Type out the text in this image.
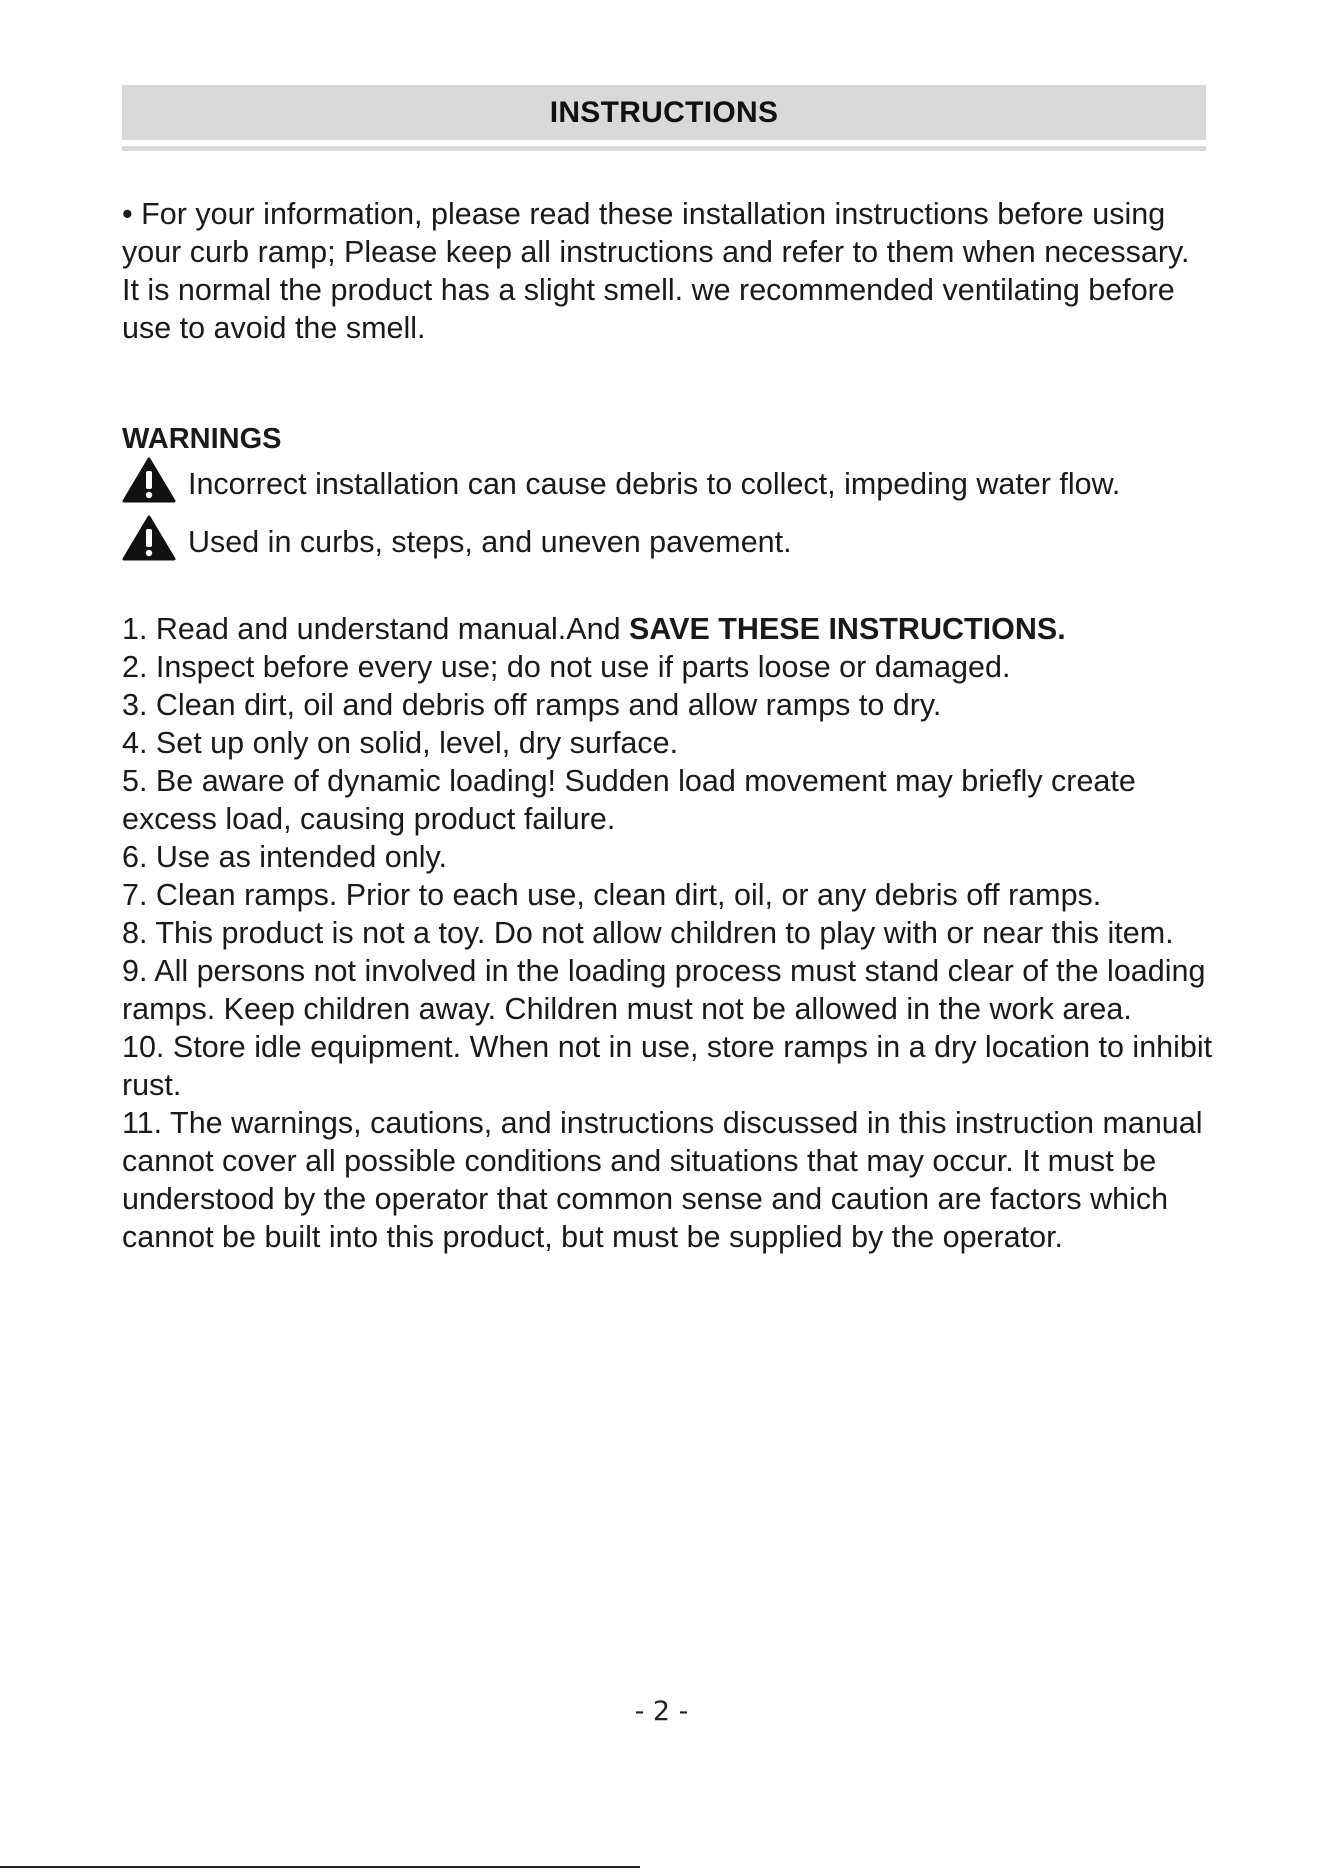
INSTRUCTIONS

• For your information, please read these installation instructions before using your curb ramp; Please keep all instructions and refer to them when necessary. It is normal the product has a slight smell. we recommended ventilating before use to avoid the smell.

WARNINGS

Incorrect installation can cause debris to collect, impeding water flow.
Used in curbs, steps, and uneven pavement.
1. Read and understand manual.And SAVE THESE INSTRUCTIONS.
2. Inspect before every use; do not use if parts loose or damaged.
3. Clean dirt, oil and debris off ramps and allow ramps to dry.
4. Set up only on solid, level, dry surface.
5. Be aware of dynamic loading! Sudden load movement may briefly create excess load, causing product failure.
6. Use as intended only.
7. Clean ramps. Prior to each use, clean dirt, oil, or any debris off ramps.
8. This product is not a toy. Do not allow children to play with or near this item.
9. All persons not involved in the loading process must stand clear of the loading ramps. Keep children away. Children must not be allowed in the work area.
10. Store idle equipment. When not in use, store ramps in a dry location to inhibit rust.
11. The warnings, cautions, and instructions discussed in this instruction manual cannot cover all possible conditions and situations that may occur. It must be understood by the operator that common sense and caution are factors which cannot be built into this product, but must be supplied by the operator.
- 2 -
